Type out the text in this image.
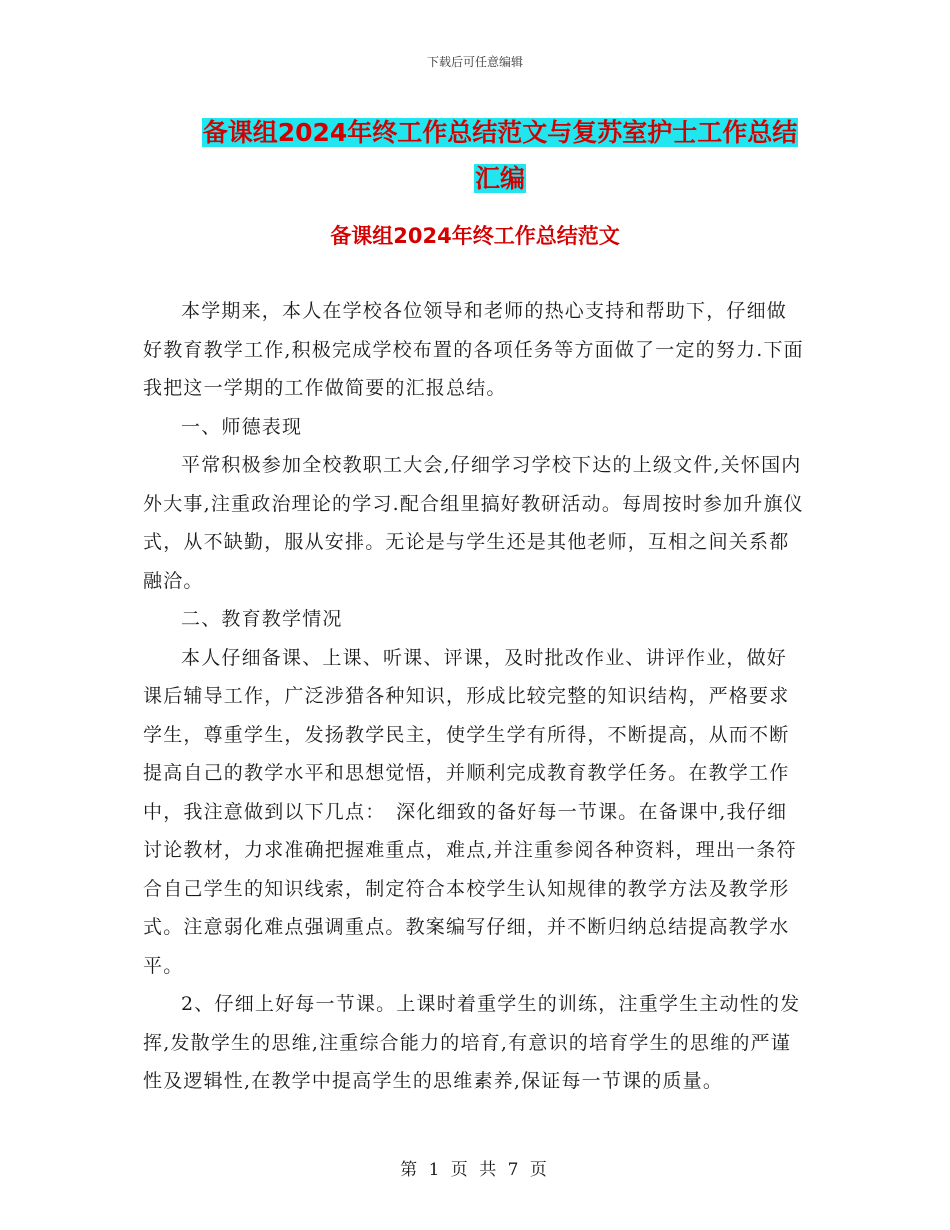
下载后可任意编辑
备课组2024年终工作总结范文与复苏室护士工作总结
汇编
备课组2024年终工作总结范文

本学期来，本人在学校各位领导和老师的热心支持和帮助下，仔细做好教育教学工作,积极完成学校布置的各项任务等方面做了一定的努力.下面我把这一学期的工作做简要的汇报总结。

一、师德表现

平常积极参加全校教职工大会,仔细学习学校下达的上级文件,关怀国内外大事,注重政治理论的学习.配合组里搞好教研活动。每周按时参加升旗仪式，从不缺勤，服从安排。无论是与学生还是其他老师，互相之间关系都融洽。

二、教育教学情况

本人仔细备课、上课、听课、评课，及时批改作业、讲评作业，做好课后辅导工作，广泛涉猎各种知识，形成比较完整的知识结构，严格要求学生，尊重学生，发扬教学民主，使学生学有所得，不断提高，从而不断提高自己的教学水平和思想觉悟，并顺利完成教育教学任务。在教学工作中，我注意做到以下几点：　深化细致的备好每一节课。在备课中,我仔细讨论教材，力求准确把握难重点，难点,并注重参阅各种资料，理出一条符合自己学生的知识线索，制定符合本校学生认知规律的教学方法及教学形式。注意弱化难点强调重点。教案编写仔细，并不断归纳总结提高教学水平。

2、仔细上好每一节课。上课时着重学生的训练，注重学生主动性的发挥,发散学生的思维,注重综合能力的培育,有意识的培育学生的思维的严谨性及逻辑性,在教学中提高学生的思维素养,保证每一节课的质量。

第 1 页 共 7 页
